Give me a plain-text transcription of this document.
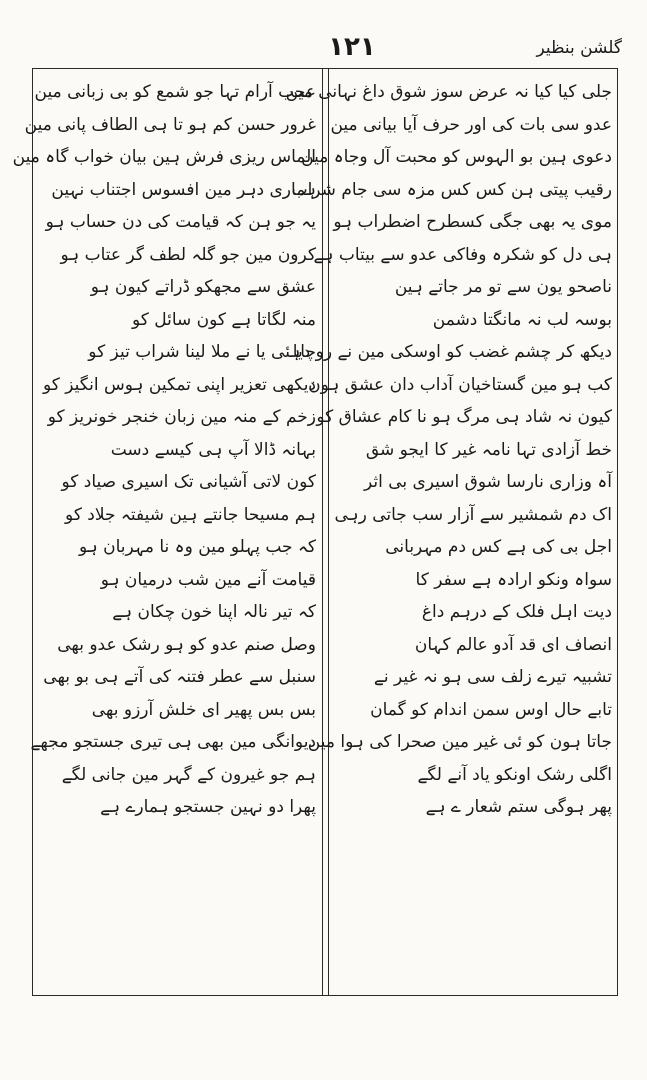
۱۲۱	گلشن بنظیر
جلی کیا کیا نہ عرض سوز شوق داغ نہانی مین
عدو سی بات کی اور حرف آیا بیانی مین
دعوی ہین بو الہوس کو محبت آل وجاہ مین
رقیب پیتی ہن کس کس مزہ سی جام شراب
موی یہ بھی جگی کسطرح اضطراب ہو
ہی دل کو شکرہ وفاکی عدو سے بیتاب ہے
ناصحو یون سے تو مر جاتے ہین
بوسہ لب نہ مانگتا دشمن
دیکھ کر چشم غضب کو اوسکی مین نے رو دیا
کب ہو مین گستاخیان آداب دان عشق ہون
کیون نہ شاد ہی مرگ ہو نا کام عشاق کو
خط آزادی تہا نامہ غیر کا ایجو شق
آہ وزاری نارسا شوق اسیری بی اثر
اک دم شمشیر سے آزار سب جاتی رہی
اجل بی کی ہے کس دم مہربانی
سواہ ونکو ارادہ ہے سفر کا
دیت اہل فلک کے درہم داغ
انصاف ای قد آدو عالم کہان
تشبیہ تیرے زلف سی ہو نہ غیر نے
تابے حال اوس سمن اندام کو گمان
جاتا ہون کو ئی غیر مین صحرا کی ہوا مین
اگلی رشک اونکو یاد آنے لگے
پھر ہوگی ستم شعار ے ہے
عجب آرام تہا جو شمع کو بی زبانی مین
غرور حسن کم ہو تا ہی الطاف پانی مین
الماس ریزی فرش ہین بیان خواب گاہ مین
ہماری دہر مین افسوس اجتناب نہین
یہ جو ہن کہ قیامت کی دن حساب ہو
کرون مین جو گلہ لطف گر عتاب ہو
عشق سے مجھکو ڈراتے کیون ہو
منہ لگاتا ہے کون سائل کو
چاہئی یا نے ملا لینا شراب تیز کو
دیکھی تعزیر اپنی تمکین ہوس انگیز کو
زخم کے منہ مین زبان خنجر خونریز کو
بہانہ ڈالا آپ ہی کیسے دست
کون لاتی آشیانی تک اسیری صیاد کو
ہم مسیحا جانتے ہین شیفتہ جلاد کو
کہ جب پہلو مین وہ نا مہربان ہو
قیامت آنے مین شب درمیان ہو
کہ تیر نالہ اپنا خون چکان ہے
وصل صنم عدو کو ہو رشک عدو بھی
سنبل سے عطر فتنہ کی آتے ہی بو بھی
بس بس پھیر ای خلش آرزو بھی
دیوانگی مین بھی ہی تیری جستجو مجھے
ہم جو غیرون کے گہر مین جانی لگے
پھرا دو نہین جستجو ہمارے ہے
